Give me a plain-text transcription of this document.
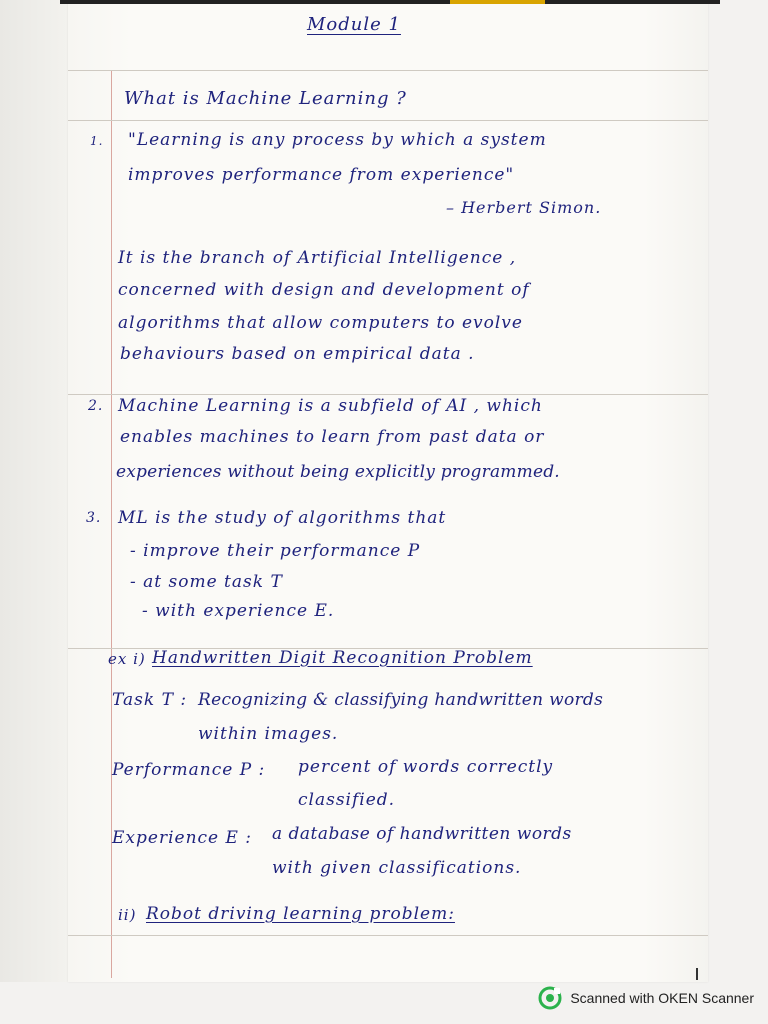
Module 1
What is Machine Learning ?
1. "Learning is any process by which a system
improves performance from experience"
– Herbert Simon.
It is the branch of Artificial Intelligence ,
concerned with design and development of
algorithms that allow computers to evolve
behaviours based on empirical data .
2. Machine Learning is a subfield of AI , which
enables machines to learn from past data or
experiences without being explicitly programmed.
3. ML is the study of algorithms that
- improve their performance P
- at some task T
- with experience E.
ex i) Handwritten Digit Recognition Problem
Task T : Recognizing & classifying handwritten words
within images.
Performance P : percent of words correctly
classified.
Experience E : a database of handwritten words
with given classifications.
ii) Robot driving learning problem:
Scanned with OKEN Scanner
